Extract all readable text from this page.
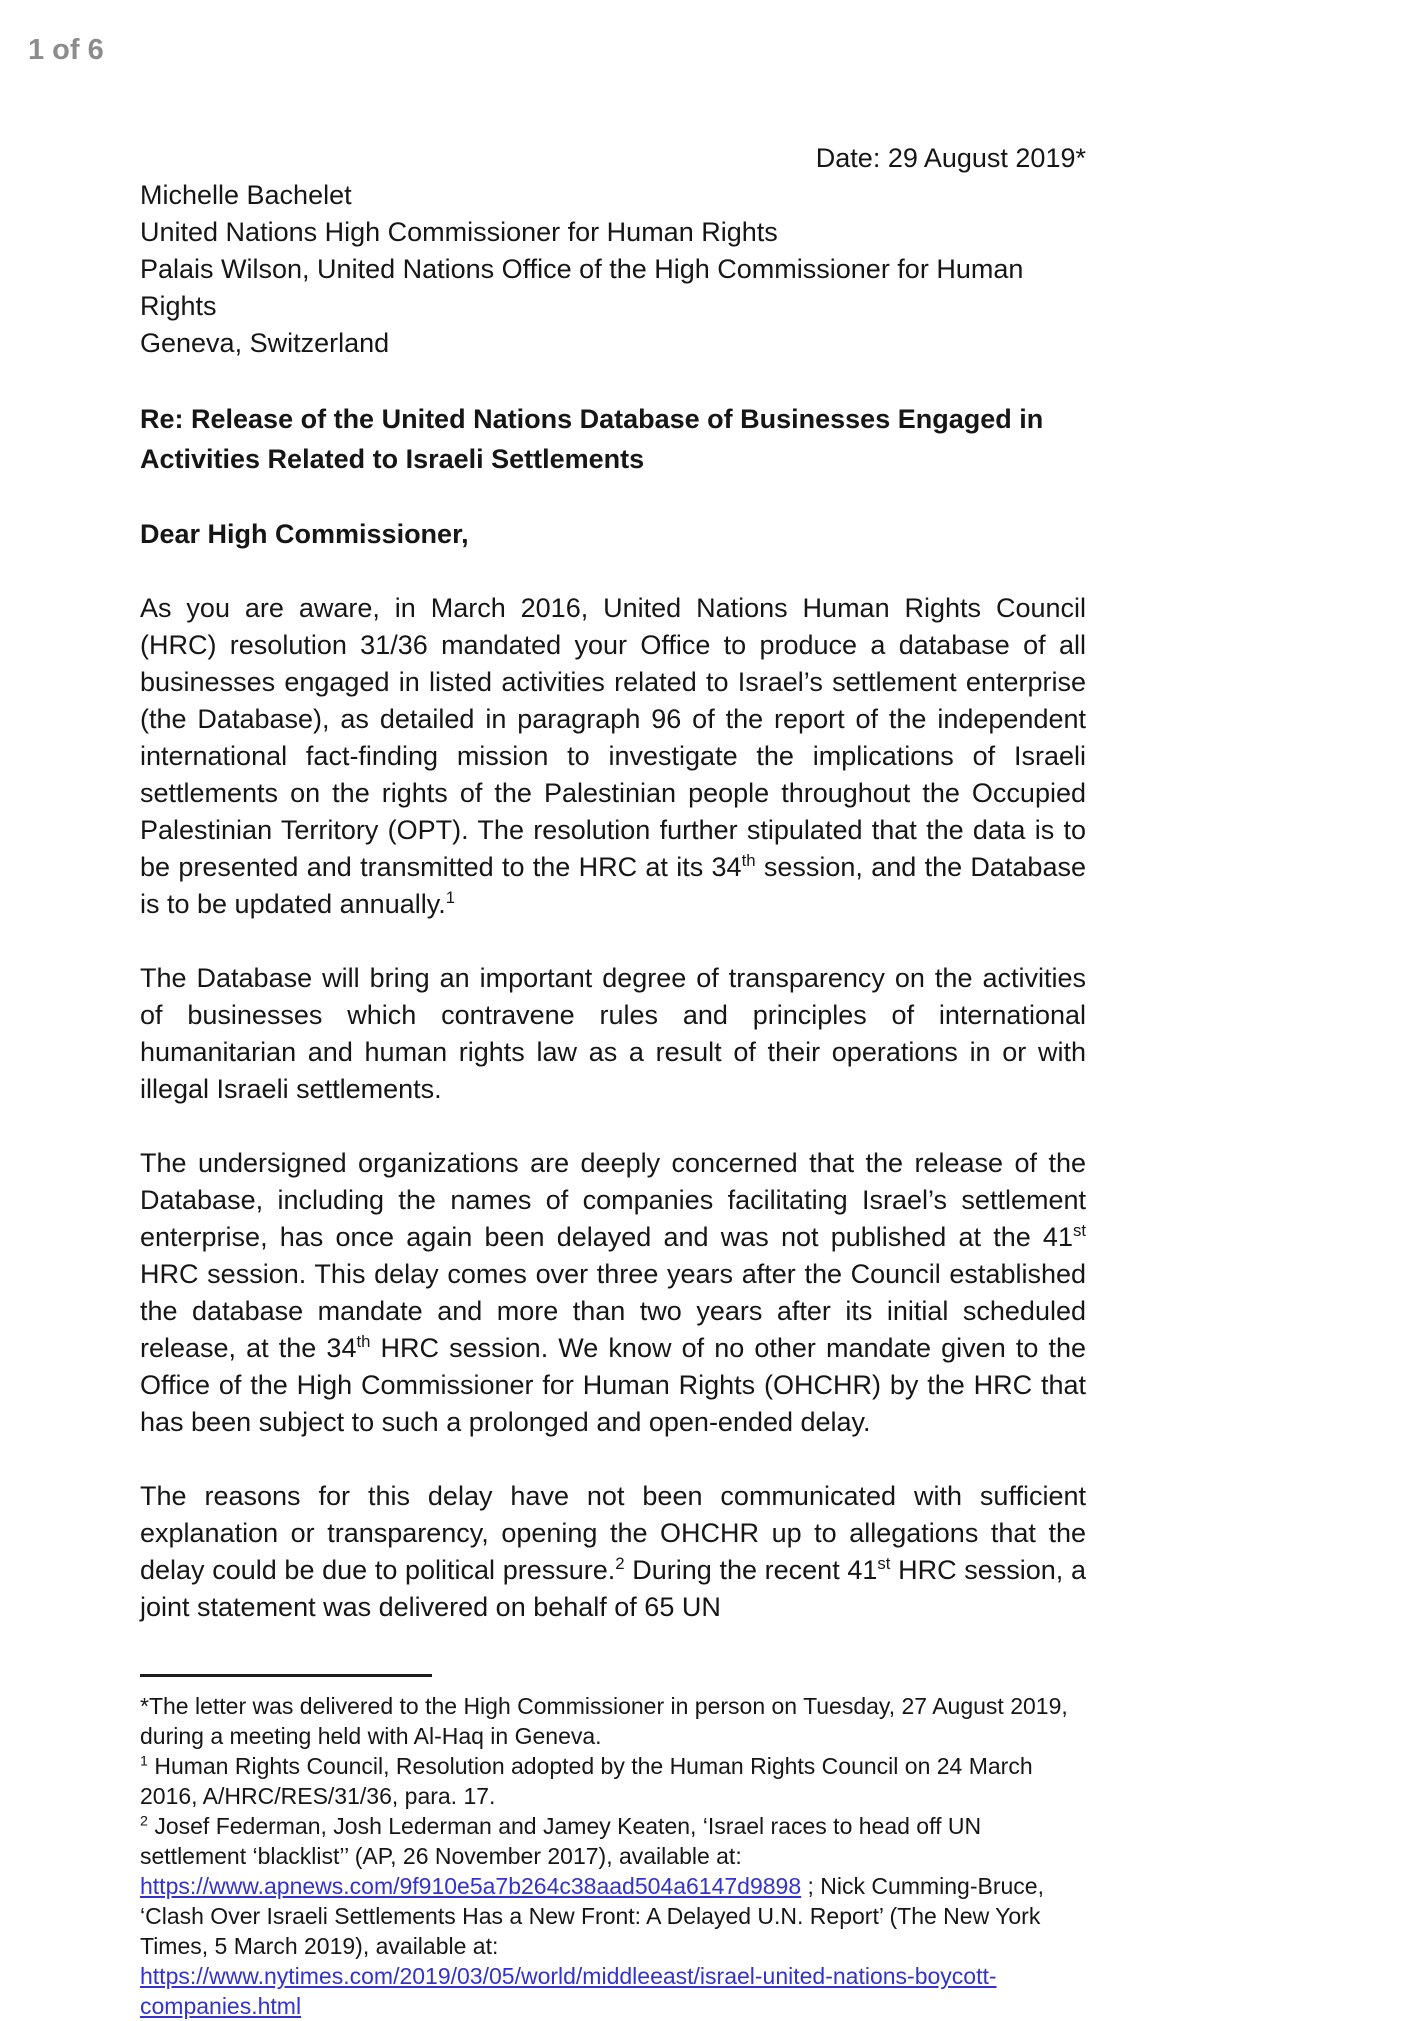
1 of 6
Date: 29 August 2019*
Michelle Bachelet
United Nations High Commissioner for Human Rights
Palais Wilson, United Nations Office of the High Commissioner for Human Rights
Geneva, Switzerland
Re: Release of the United Nations Database of Businesses Engaged in Activities Related to Israeli Settlements
Dear High Commissioner,

As you are aware, in March 2016, United Nations Human Rights Council (HRC) resolution 31/36 mandated your Office to produce a database of all businesses engaged in listed activities related to Israel’s settlement enterprise (the Database), as detailed in paragraph 96 of the report of the independent international fact-finding mission to investigate the implications of Israeli settlements on the rights of the Palestinian people throughout the Occupied Palestinian Territory (OPT). The resolution further stipulated that the data is to be presented and transmitted to the HRC at its 34th session, and the Database is to be updated annually.$^1$

The Database will bring an important degree of transparency on the activities of businesses which contravene rules and principles of international humanitarian and human rights law as a result of their operations in or with illegal Israeli settlements.

The undersigned organizations are deeply concerned that the release of the Database, including the names of companies facilitating Israel’s settlement enterprise, has once again been delayed and was not published at the 41st HRC session. This delay comes over three years after the Council established the database mandate and more than two years after its initial scheduled release, at the 34th HRC session. We know of no other mandate given to the Office of the High Commissioner for Human Rights (OHCHR) by the HRC that has been subject to such a prolonged and open-ended delay.

The reasons for this delay have not been communicated with sufficient explanation or transparency, opening the OHCHR up to allegations that the delay could be due to political pressure.$^2$ During the recent 41st HRC session, a joint statement was delivered on behalf of 65 UN

*The letter was delivered to the High Commissioner in person on Tuesday, 27 August 2019, during a meeting held with Al-Haq in Geneva.
$^1$ Human Rights Council, Resolution adopted by the Human Rights Council on 24 March 2016, A/HRC/RES/31/36, para. 17.
$^2$ Josef Federman, Josh Lederman and Jamey Keaten, ‘Israel races to head off UN settlement ‘blacklist’’ (AP, 26 November 2017), available at: https://www.apnews.com/9f910e5a7b264c38aad504a6147d9898 ; Nick Cumming-Bruce, ‘Clash Over Israeli Settlements Has a New Front: A Delayed U.N. Report’ (The New York Times, 5 March 2019), available at: https://www.nytimes.com/2019/03/05/world/middleeast/israel-united-nations-boycott-companies.html
